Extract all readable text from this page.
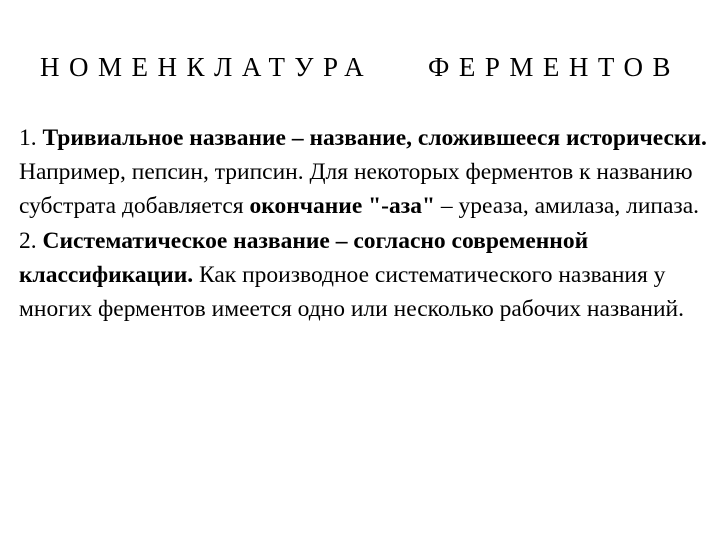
НОМЕНКЛАТУРА ФЕРМЕНТОВ

1. Тривиальное название – название, сложившееся исторически. Например, пепсин, трипсин. Для некоторых ферментов к названию субстрата добавляется окончание "-аза" – уреаза, амилаза, липаза.

2. Систематическое название – согласно современной классификации. Как производное систематического названия у многих ферментов имеется одно или несколько рабочих названий.
